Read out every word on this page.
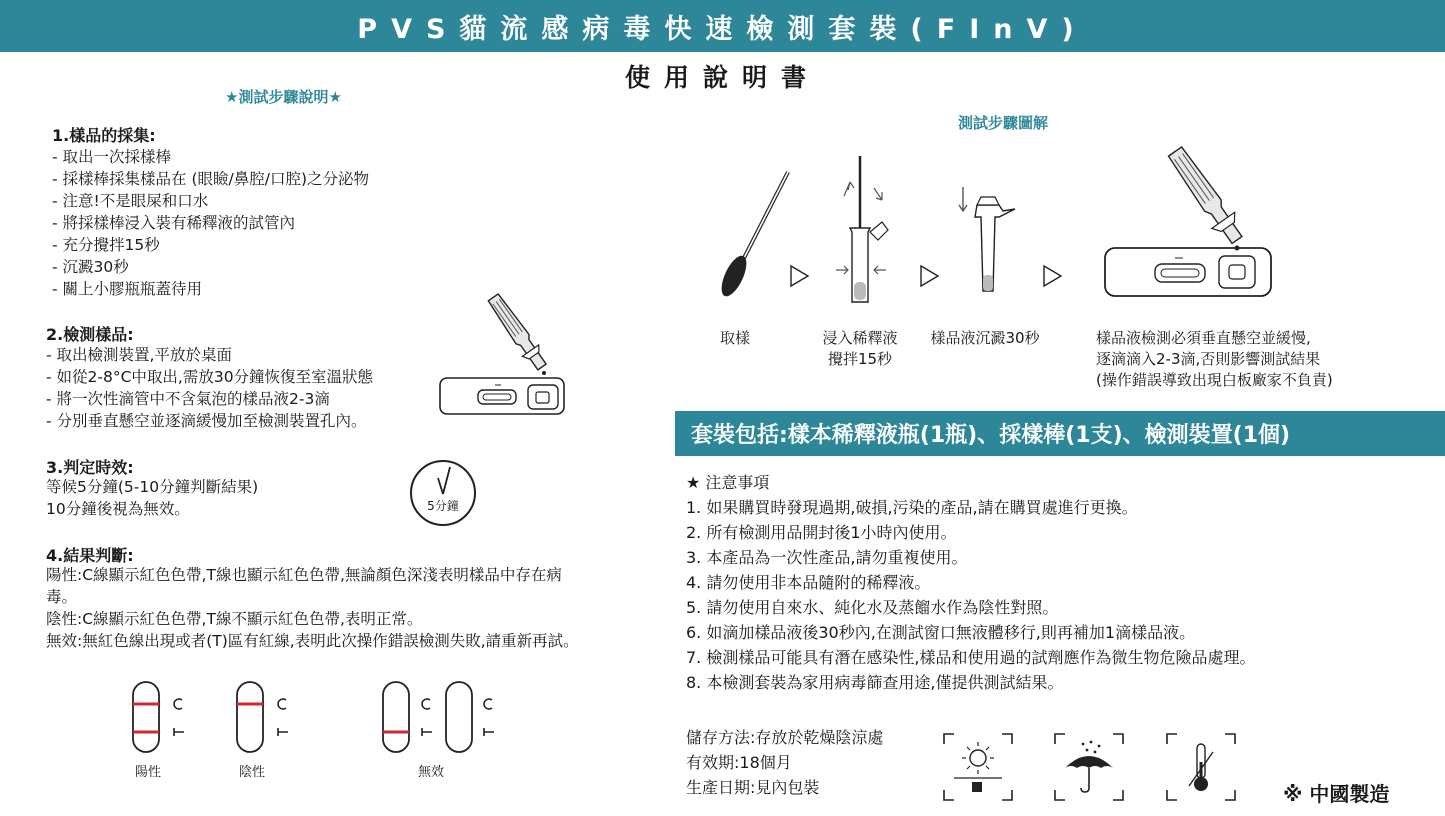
PVS貓流感病毒快速檢測套裝(FInV)
使用說明書
★測試步驟說明★
1.樣品的採集:
- 取出一次採樣棒
- 採樣棒採集樣品在 (眼瞼/鼻腔/口腔)之分泌物
- 注意!不是眼屎和口水
- 將採樣棒浸入裝有稀釋液的試管內
- 充分攪拌15秒
- 沉澱30秒
- 關上小膠瓶瓶蓋待用
2.檢測樣品:
- 取出檢測裝置,平放於桌面
- 如從2-8°C中取出,需放30分鐘恢復至室溫狀態
- 將一次性滴管中不含氣泡的樣品液2-3滴
- 分別垂直懸空並逐滴緩慢加至檢測裝置孔內。
3.判定時效:
等候5分鐘(5-10分鐘判斷結果)
10分鐘後視為無效。	5分鐘
4.結果判斷:
陽性:C線顯示紅色色帶,T線也顯示紅色色帶,無論顏色深淺表明樣品中存在病毒。
陰性:C線顯示紅色色帶,T線不顯示紅色色帶,表明正常。
無效:無紅色線出現或者(T)區有紅線,表明此次操作錯誤檢測失敗,請重新再試。
陽性	陰性	無效
測試步驟圖解
取樣	浸入稀釋液
攪拌15秒
樣品液沉澱30秒	樣品液檢測必須垂直懸空並緩慢,
逐滴滴入2-3滴,否則影響測試結果
(操作錯誤導致出現白板廠家不負責)
套裝包括:樣本稀釋液瓶(1瓶)、採樣棒(1支)、檢測裝置(1個)
★ 注意事項
1. 如果購買時發現過期,破損,污染的產品,請在購買處進行更換。
2. 所有檢測用品開封後1小時內使用。
3. 本產品為一次性產品,請勿重複使用。
4. 請勿使用非本品隨附的稀釋液。
5. 請勿使用自來水、純化水及蒸餾水作為陰性對照。
6. 如滴加樣品液後30秒內,在測試窗口無液體移行,則再補加1滴樣品液。
7. 檢測樣品可能具有潛在感染性,樣品和使用過的試劑應作為微生物危險品處理。
8. 本檢測套裝為家用病毒篩查用途,僅提供測試結果。
儲存方法:存放於乾燥陰涼處
有效期:18個月
生產日期:見內包裝	※ 中國製造
